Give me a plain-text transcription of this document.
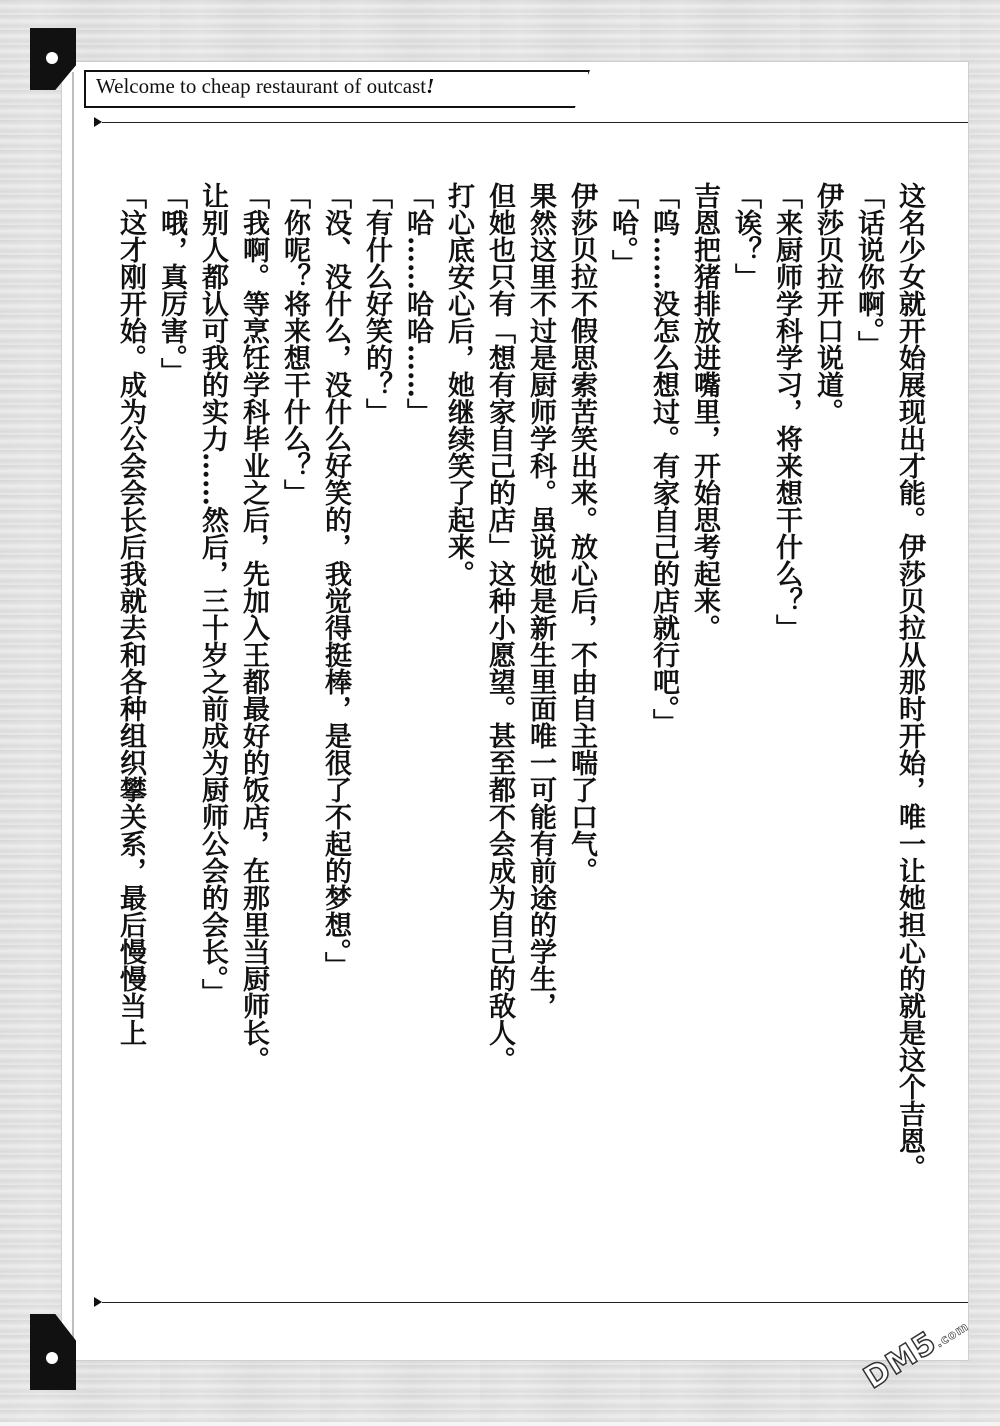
Welcome to cheap restaurant of outcast!

这名少女就开始展现出才能。伊莎贝拉从那时开始，唯一让她担心的就是这个吉恩。

「话说你啊。」

伊莎贝拉开口说道。

「来厨师学科学习，将来想干什么？」

「诶？」

吉恩把猪排放进嘴里，开始思考起来。

「呜……没怎么想过。有家自己的店就行吧。」

「哈。」

伊莎贝拉不假思索苦笑出来。放心后，不由自主喘了口气。

果然这里不过是厨师学科。虽说她是新生里面唯一可能有前途的学生，

但她也只有「想有家自己的店」这种小愿望。甚至都不会成为自己的敌人。

打心底安心后，她继续笑了起来。

「哈……哈哈……」

「有什么好笑的？」

「没、没什么，没什么好笑的，我觉得挺棒，是很了不起的梦想。」

「你呢？将来想干什么？」

「我啊。等烹饪学科毕业之后，先加入王都最好的饭店，在那里当厨师长。

让别人都认可我的实力……然后，三十岁之前成为厨师公会的会长。」

「哦，真厉害。」

「这才刚开始。成为公会会长后我就去和各种组织攀关系，最后慢慢当上

DM5.com
